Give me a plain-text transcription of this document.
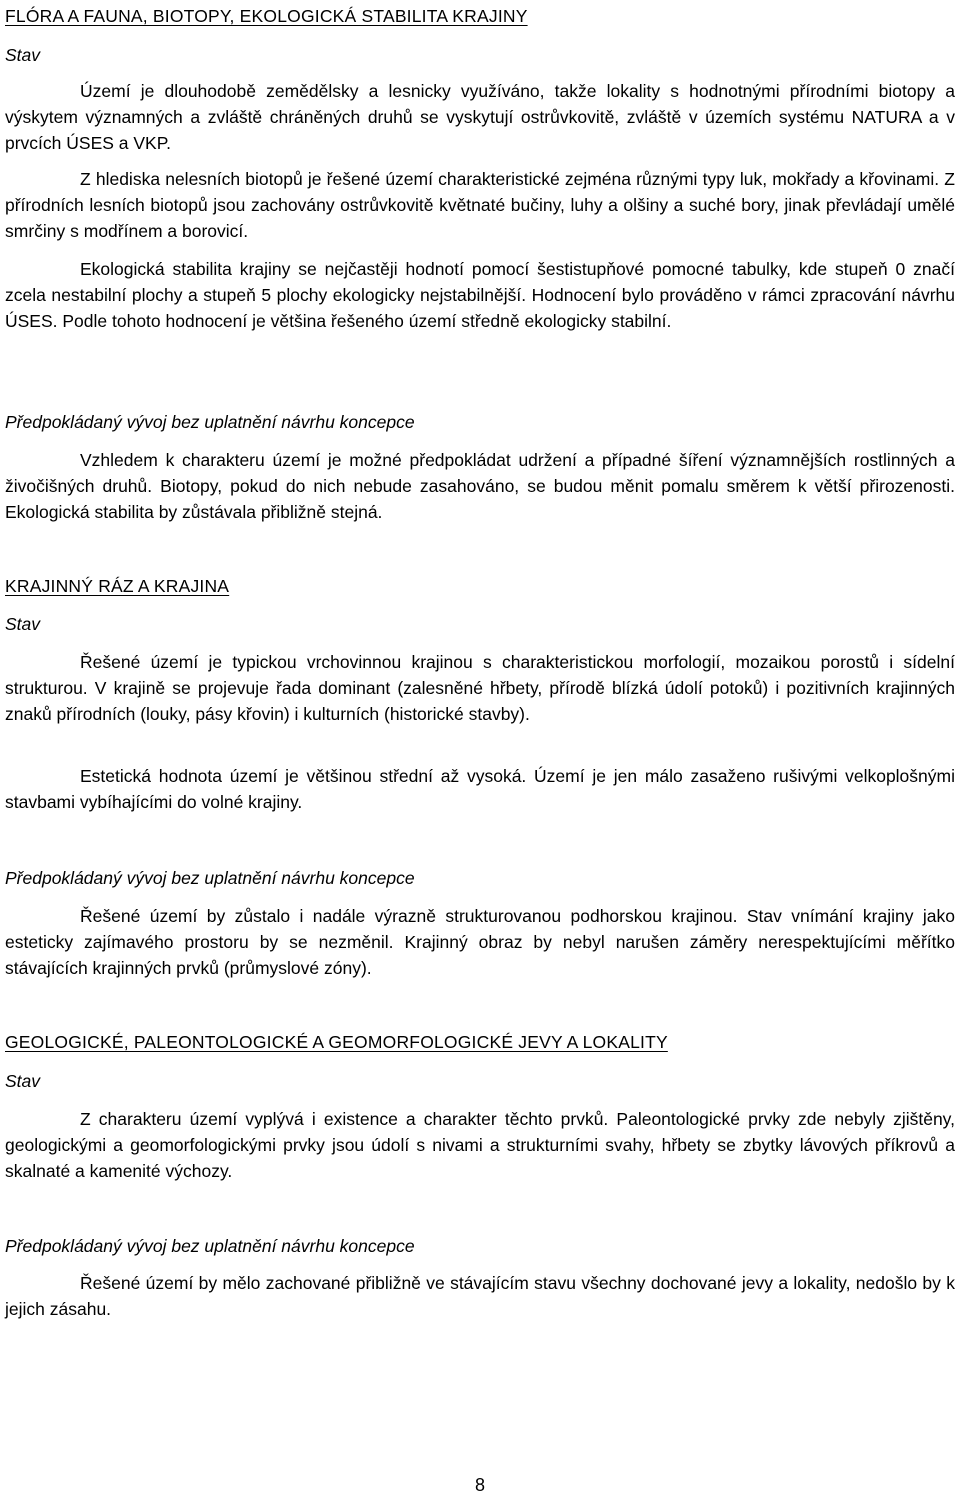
FLÓRA A FAUNA, BIOTOPY, EKOLOGICKÁ STABILITA KRAJINY
Stav

Území je dlouhodobě zemědělsky a lesnicky využíváno, takže lokality s hodnotnými přírodními biotopy a výskytem významných a zvláště chráněných druhů se vyskytují ostrůvkovitě, zvláště v územích systému NATURA a v prvcích ÚSES a VKP.

Z hlediska nelesních biotopů je řešené území charakteristické zejména různými typy luk, mokřady a křovinami. Z přírodních lesních biotopů jsou zachovány ostrůvkovitě květnaté bučiny, luhy a olšiny a suché bory, jinak převládají umělé smrčiny s modřínem a borovicí.

Ekologická stabilita krajiny se nejčastěji hodnotí pomocí šestistupňové pomocné tabulky, kde stupeň 0 značí zcela nestabilní plochy a stupeň 5 plochy ekologicky nejstabilnější. Hodnocení bylo prováděno v rámci zpracování návrhu ÚSES. Podle tohoto hodnocení je většina řešeného území středně ekologicky stabilní.

Předpokládaný vývoj bez uplatnění návrhu koncepce

Vzhledem k charakteru území je možné předpokládat udržení a případné šíření významnějších rostlinných a živočišných druhů. Biotopy, pokud do nich nebude zasahováno, se budou měnit pomalu směrem k větší přirozenosti. Ekologická stabilita by zůstávala přibližně stejná.

KRAJINNÝ RÁZ A KRAJINA
Stav

Řešené území je typickou vrchovinnou krajinou s charakteristickou morfologií, mozaikou porostů i sídelní strukturou. V krajině se projevuje řada dominant (zalesněné hřbety, přírodě blízká údolí potoků) i pozitivních krajinných znaků přírodních (louky, pásy křovin) i kulturních (historické stavby).

Estetická hodnota území je většinou střední až vysoká. Území je jen málo zasaženo rušivými velkoplošnými stavbami vybíhajícími do volné krajiny.

Předpokládaný vývoj bez uplatnění návrhu koncepce

Řešené území by zůstalo i nadále výrazně strukturovanou podhorskou krajinou. Stav vnímání krajiny jako esteticky zajímavého prostoru by se nezměnil. Krajinný obraz by nebyl narušen záměry nerespektujícími měřítko stávajících krajinných prvků (průmyslové zóny).

GEOLOGICKÉ, PALEONTOLOGICKÉ A GEOMORFOLOGICKÉ JEVY A LOKALITY
Stav

Z charakteru území vyplývá i existence a charakter těchto prvků. Paleontologické prvky zde nebyly zjištěny, geologickými a geomorfologickými prvky jsou údolí s nivami a strukturními svahy, hřbety se zbytky lávových příkrovů a skalnaté a kamenité výchozy.

Předpokládaný vývoj bez uplatnění návrhu koncepce

Řešené území by mělo zachované přibližně ve stávajícím stavu všechny dochované jevy a lokality, nedošlo by k jejich zásahu.

8
